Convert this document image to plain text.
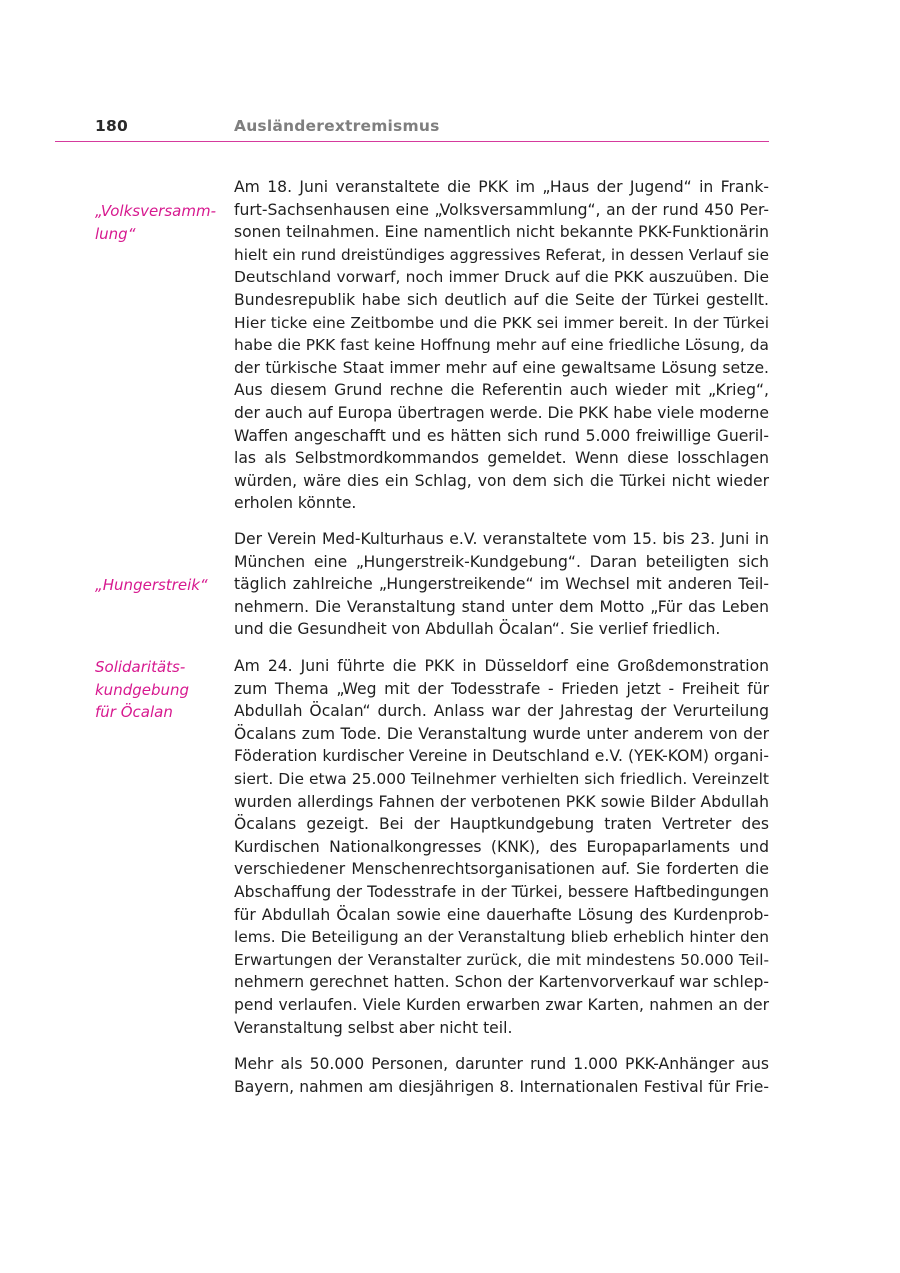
180	Ausländerextremismus
„Volksversamm-
lung“
„Hungerstreik“
Solidaritäts-
kundgebung
für Öcalan
Am 18. Juni veranstaltete die PKK im „Haus der Jugend“ in Frank-
furt-Sachsenhausen eine „Volksversammlung“, an der rund 450 Per-
sonen teilnahmen. Eine namentlich nicht bekannte PKK-Funktionärin
hielt ein rund dreistündiges aggressives Referat, in dessen Verlauf sie
Deutschland vorwarf, noch immer Druck auf die PKK auszuüben. Die
Bundesrepublik habe sich deutlich auf die Seite der Türkei gestellt.
Hier ticke eine Zeitbombe und die PKK sei immer bereit. In der Türkei
habe die PKK fast keine Hoffnung mehr auf eine friedliche Lösung, da
der türkische Staat immer mehr auf eine gewaltsame Lösung setze.
Aus diesem Grund rechne die Referentin auch wieder mit „Krieg“,
der auch auf Europa übertragen werde. Die PKK habe viele moderne
Waffen angeschafft und es hätten sich rund 5.000 freiwillige Gueril-
las als Selbstmordkommandos gemeldet. Wenn diese losschlagen
würden, wäre dies ein Schlag, von dem sich die Türkei nicht wieder
erholen könnte.
Der Verein Med-Kulturhaus e.V. veranstaltete vom 15. bis 23. Juni in
München eine „Hungerstreik-Kundgebung“. Daran beteiligten sich
täglich zahlreiche „Hungerstreikende“ im Wechsel mit anderen Teil-
nehmern. Die Veranstaltung stand unter dem Motto „Für das Leben
und die Gesundheit von Abdullah Öcalan“. Sie verlief friedlich.
Am 24. Juni führte die PKK in Düsseldorf eine Großdemonstration
zum Thema „Weg mit der Todesstrafe - Frieden jetzt - Freiheit für
Abdullah Öcalan“ durch. Anlass war der Jahrestag der Verurteilung
Öcalans zum Tode. Die Veranstaltung wurde unter anderem von der
Föderation kurdischer Vereine in Deutschland e.V. (YEK-KOM) organi-
siert. Die etwa 25.000 Teilnehmer verhielten sich friedlich. Vereinzelt
wurden allerdings Fahnen der verbotenen PKK sowie Bilder Abdullah
Öcalans gezeigt. Bei der Hauptkundgebung traten Vertreter des
Kurdischen Nationalkongresses (KNK), des Europaparlaments und
verschiedener Menschenrechtsorganisationen auf. Sie forderten die
Abschaffung der Todesstrafe in der Türkei, bessere Haftbedingungen
für Abdullah Öcalan sowie eine dauerhafte Lösung des Kurdenprob-
lems. Die Beteiligung an der Veranstaltung blieb erheblich hinter den
Erwartungen der Veranstalter zurück, die mit mindestens 50.000 Teil-
nehmern gerechnet hatten. Schon der Kartenvorverkauf war schlep-
pend verlaufen. Viele Kurden erwarben zwar Karten, nahmen an der
Veranstaltung selbst aber nicht teil.
Mehr als 50.000 Personen, darunter rund 1.000 PKK-Anhänger aus
Bayern, nahmen am diesjährigen 8. Internationalen Festival für Frie-
